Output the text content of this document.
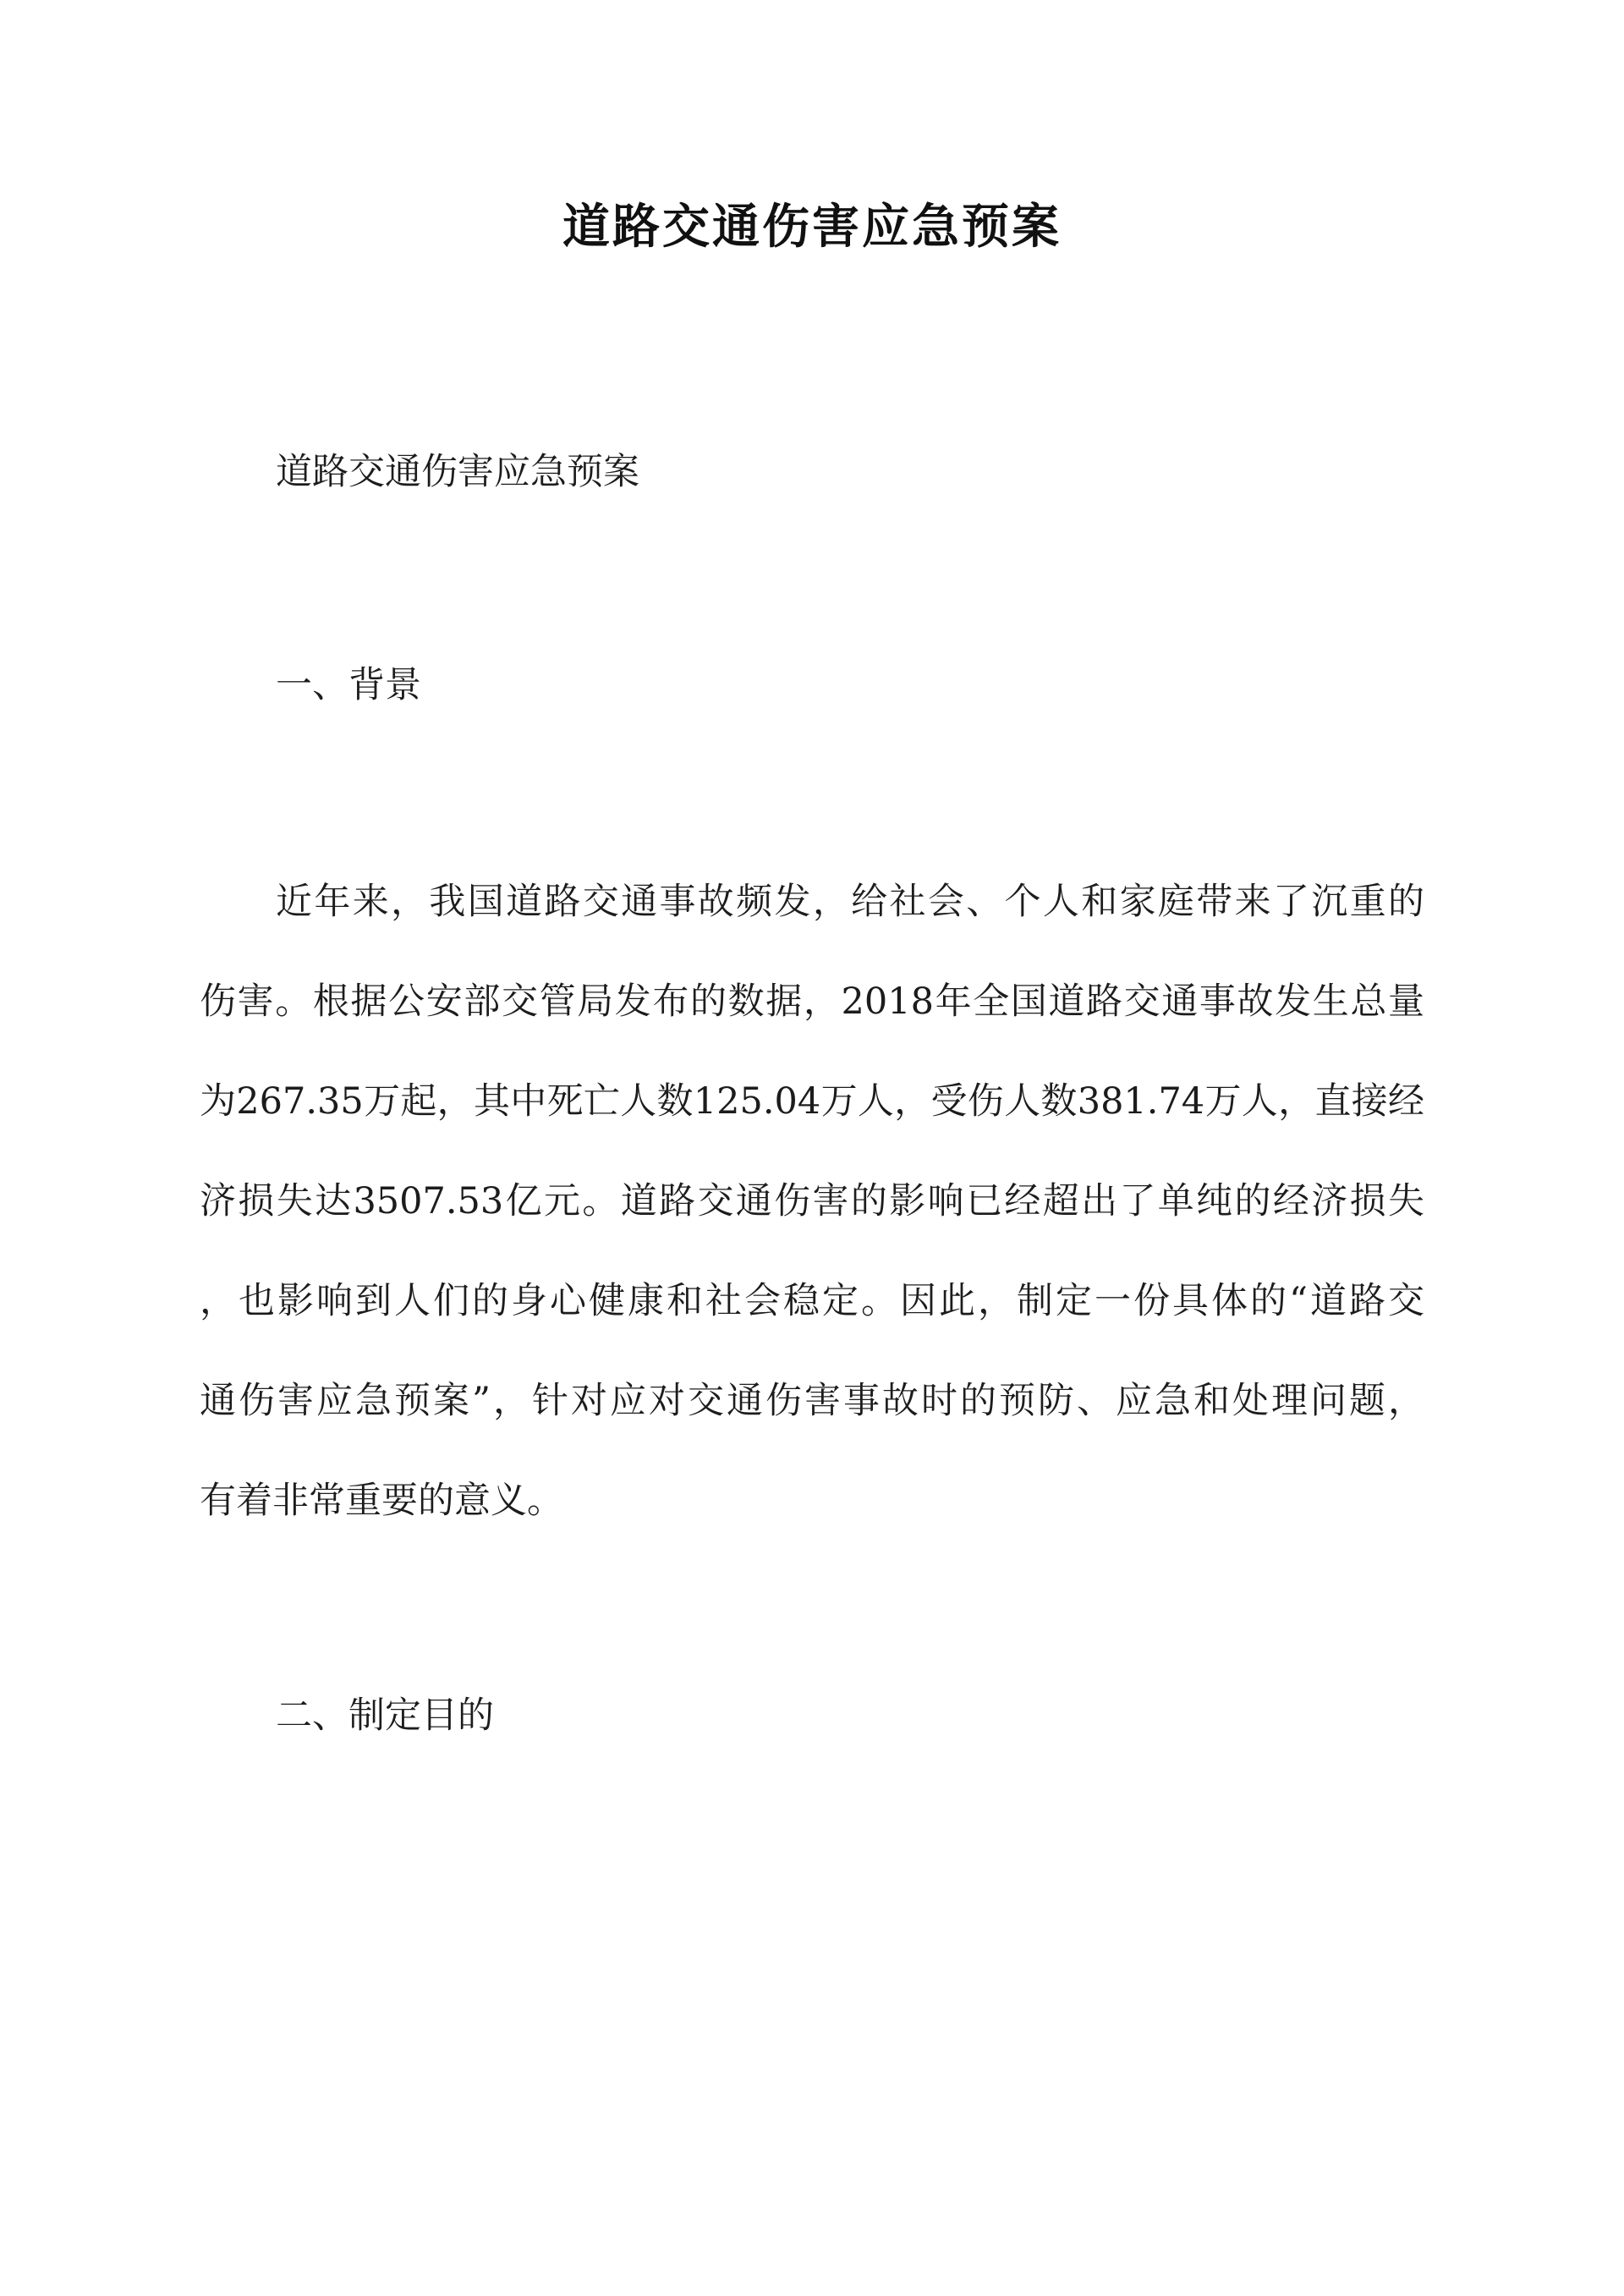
道路交通伤害应急预案
道路交通伤害应急预案
一、背景
近年来，我国道路交通事故频发，给社会、个人和家庭带来了沉重的
伤害。根据公安部交管局发布的数据，2018年全国道路交通事故发生总量
为267.35万起，其中死亡人数125.04万人，受伤人数381.74万人，直接经
济损失达3507.53亿元。道路交通伤害的影响已经超出了单纯的经济损失
，也影响到人们的身心健康和社会稳定。因此，制定一份具体的“道路交
通伤害应急预案”，针对应对交通伤害事故时的预防、应急和处理问题，
有着非常重要的意义。
二、制定目的
